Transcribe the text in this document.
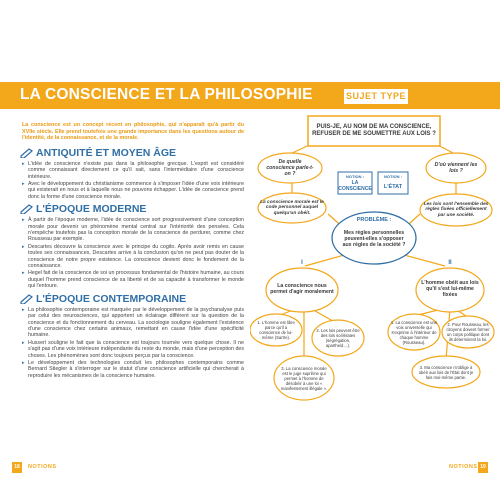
LA CONSCIENCE ET LA PHILOSOPHIE	SUJET TYPE

La conscience est un concept récent en philosophie, qui n'apparaît qu'à partir du XVIIe siècle. Elle prend toutefois une grande importance dans les questions autour de l'identité, de la connaissance, et de la morale.

ANTIQUITÉ ET MOYEN ÂGE
▸ L'idée de conscience n'existe pas dans la philosophie grecque. L'esprit est considéré comme connaissant directement ce qu'il sait, sans l'intermédiaire d'une conscience intérieure.
▸ Avec le développement du christianisme commence à s'imposer l'idée d'une voix intérieure qui existerait en nous et à laquelle nous ne pouvons échapper. L'idée de conscience prend donc la forme d'une conscience morale.
L'ÉPOQUE MODERNE
▸ À partir de l'époque moderne, l'idée de conscience sort progressivement d'une conception morale pour devenir un phénomène mental central sur l'intériorité des pensées. Cela n'empêche toutefois pas la conception morale de la conscience de perdurer, comme chez Rousseau par exemple.
▸ Descartes découvre la conscience avec le principe du cogito. Après avoir remis en cause toutes ses connaissances, Descartes arrive à la conclusion qu'on ne peut pas douter de la conscience de notre propre existence. La conscience devient donc le fondement de la connaissance.
▸ Hegel fait de la conscience de soi un processus fondamental de l'histoire humaine, au cours duquel l'homme prend conscience de sa liberté et de sa capacité à transformer le monde qui l'entoure.
L'ÉPOQUE CONTEMPORAINE
▸ La philosophie contemporaine est marquée par le développement de la psychanalyse puis par celui des neurosciences, qui apportent un éclairage différent sur la question de la conscience et du fonctionnement du cerveau. La sociologie souligne également l'existence d'une conscience chez certains animaux, remettant en cause l'idée d'une spécificité humaine.
▸ Husserl souligne le fait que la conscience est toujours tournée vers quelque chose. Il ne s'agit pas d'une voix intérieure indépendante du reste du monde, mais d'une perception des choses. Les phénomènes sont donc toujours perçus par la conscience.
▸ Le développement des technologies conduit les philosophes contemporains comme Bernard Stiegler à s'interroger sur le statut d'une conscience artificielle qui chercherait à reproduire les mécanismes de la conscience humaine.
PUIS-JE, AU NOM DE MA CONSCIENCE, REFUSER DE ME SOUMETTRE AUX LOIS ?
De quelle conscience parle-t-on ?
D'où viennent les lois ?
NOTION :
LA CONSCIENCE
NOTION :
L'ÉTAT
La conscience morale est le code personnel auquel quelqu'un obéit.
Les lois sont l'ensemble des règles fixées officiellement par une société.
PROBLÈME :
Mes règles personnelles peuvent-elles s'opposer aux règles de la société ?
I
La conscience nous permet d'agir moralement
II
L'homme obéit aux lois qu'il s'est lui-même fixées
1. L'homme est libre parce qu'il a conscience de lui-même (Sartre).
2. Les lois peuvent être des lois scélérates (ségrégation, apartheid…).
3. La conscience morale est le juge suprême qui permet à l'homme de désobéir à une loi « manifestement illégale ».
1. La conscience est une voix universelle qui s'exprime à l'intérieur de chaque homme (Rousseau).
2. Pour Rousseau, les citoyens doivent former un corps politique dont ils déterminent la loi.
3. Ma conscience m'oblige à obéir aux lois de l'État dont je fais moi-même partie.
18	NOTIONS	NOTIONS 19
